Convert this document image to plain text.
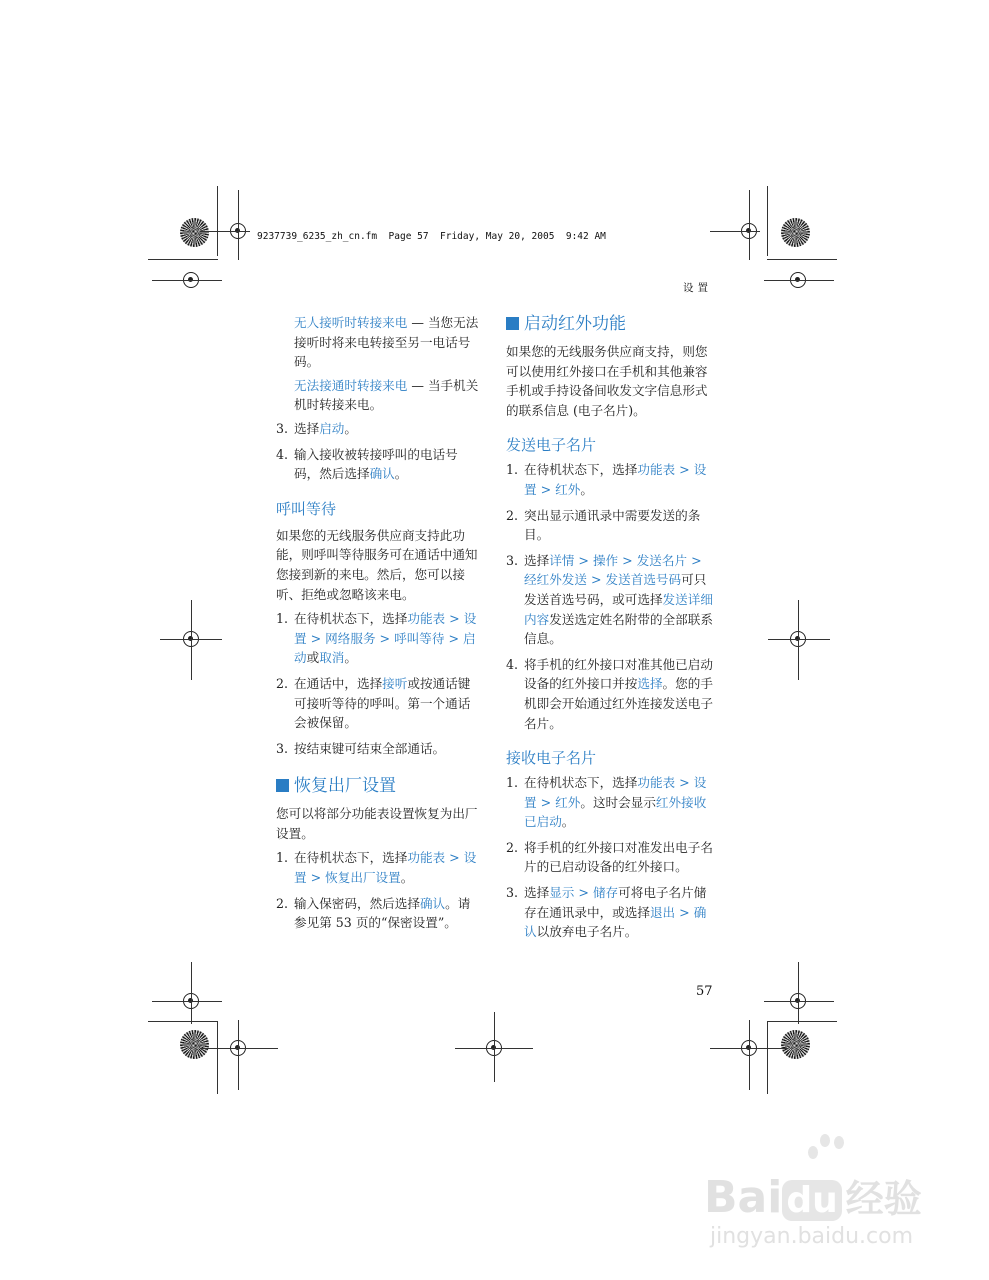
9237739_6235_zh_cn.fm  Page 57  Friday, May 20, 2005  9:42 AM
设置

无人接听时转接来电 — 当您无法接听时将来电转接至另一电话号码。

无法接通时转接来电 — 当手机关机时转接来电。

3. 选择启动。
4. 输入接收被转接呼叫的电话号码，然后选择确认。
呼叫等待

如果您的无线服务供应商支持此功能，则呼叫等待服务可在通话中通知您接到新的来电。然后，您可以接听、拒绝或忽略该来电。

1. 在待机状态下，选择功能表 > 设置 > 网络服务 > 呼叫等待 > 启动或取消。
2. 在通话中，选择接听或按通话键可接听等待的呼叫。第一个通话会被保留。
3. 按结束键可结束全部通话。
恢复出厂设置

您可以将部分功能表设置恢复为出厂设置。

1. 在待机状态下，选择功能表 > 设置 > 恢复出厂设置。
2. 输入保密码，然后选择确认。请参见第 53 页的“保密设置”。
启动红外功能

如果您的无线服务供应商支持，则您可以使用红外接口在手机和其他兼容手机或手持设备间收发文字信息形式的联系信息 (电子名片)。

发送电子名片
1. 在待机状态下，选择功能表 > 设置 > 红外。
2. 突出显示通讯录中需要发送的条目。
3. 选择详情 > 操作 > 发送名片 > 经红外发送 > 发送首选号码可只发送首选号码，或可选择发送详细内容发送选定姓名附带的全部联系信息。
4. 将手机的红外接口对准其他已启动设备的红外接口并按选择。您的手机即会开始通过红外连接发送电子名片。
接收电子名片
1. 在待机状态下，选择功能表 > 设置 > 红外。这时会显示红外接收已启动。
2. 将手机的红外接口对准发出电子名片的已启动设备的红外接口。
3. 选择显示 > 储存可将电子名片储存在通讯录中，或选择退出 > 确认以放弃电子名片。
57
Bai du 经验
jingyan.baidu.com
